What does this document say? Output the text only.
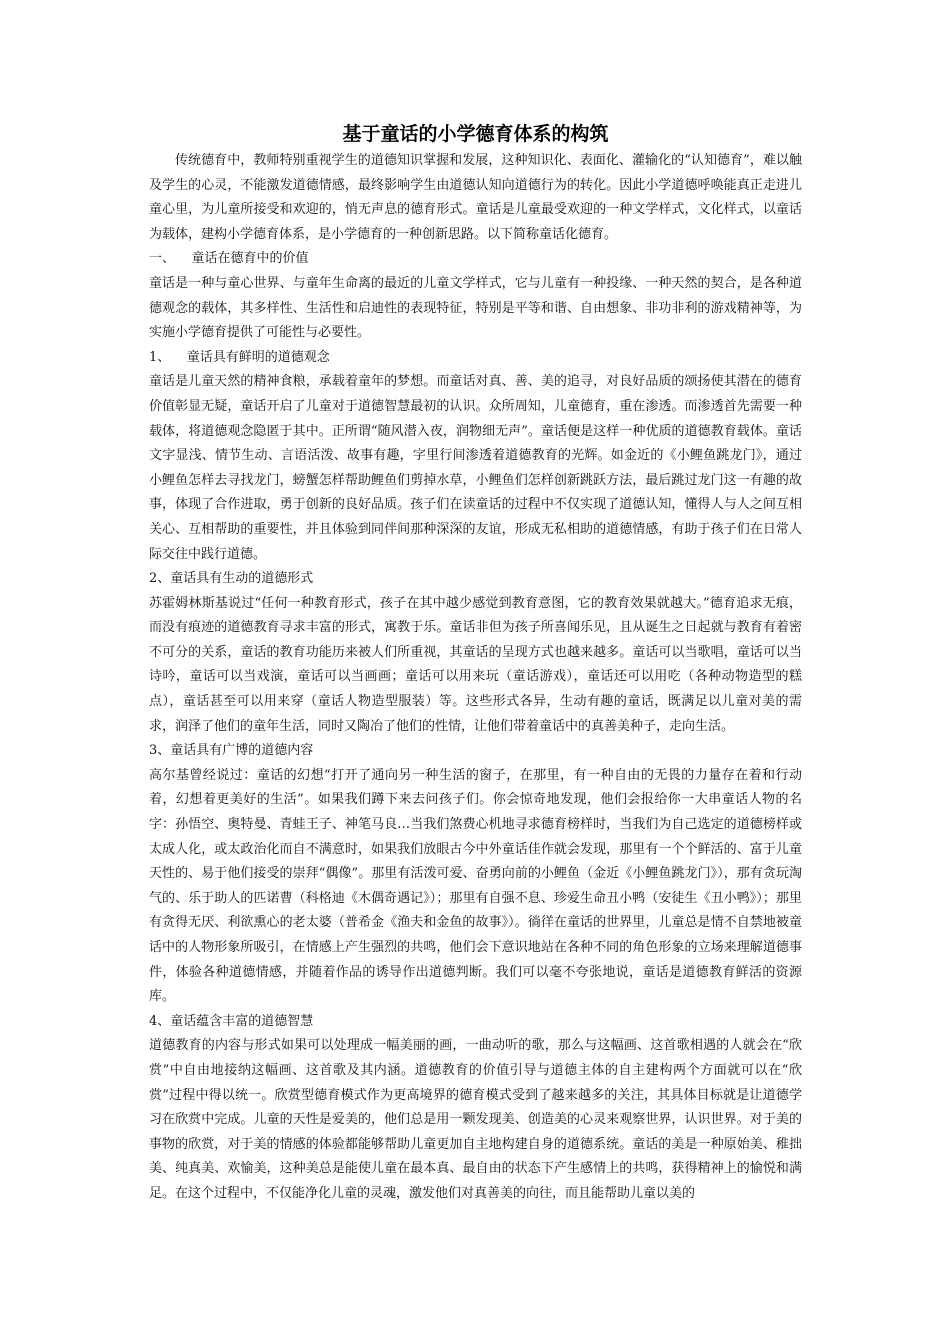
基于童话的小学德育体系的构筑

传统德育中，教师特别重视学生的道德知识掌握和发展，这种知识化、表面化、灌输化的“认知德育”，难以触及学生的心灵，不能激发道德情感，最终影响学生由道德认知向道德行为的转化。因此小学道德呼唤能真正走进儿童心里，为儿童所接受和欢迎的，悄无声息的德育形式。童话是儿童最受欢迎的一种文学样式，文化样式，以童话为载体，建构小学德育体系，是小学德育的一种创新思路。以下简称童话化德育。

一、    童话在德育中的价值

童话是一种与童心世界、与童年生命离的最近的儿童文学样式，它与儿童有一种投缘、一种天然的契合，是各种道德观念的载体，其多样性、生活性和启迪性的表现特征，特别是平等和谐、自由想象、非功非利的游戏精神等，为实施小学德育提供了可能性与必要性。

1、    童话具有鲜明的道德观念

童话是儿童天然的精神食粮，承载着童年的梦想。而童话对真、善、美的追寻，对良好品质的颂扬使其潜在的德育价值彰显无疑，童话开启了儿童对于道德智慧最初的认识。众所周知，儿童德育，重在渗透。而渗透首先需要一种载体，将道德观念隐匿于其中。正所谓“随风潜入夜，润物细无声”。童话便是这样一种优质的道德教育载体。童话文字显浅、情节生动、言语活泼、故事有趣，字里行间渗透着道德教育的光辉。如金近的《小鲤鱼跳龙门》，通过小鲤鱼怎样去寻找龙门，螃蟹怎样帮助鲤鱼们剪掉水草，小鲤鱼们怎样创新跳跃方法，最后跳过龙门这一有趣的故事，体现了合作进取，勇于创新的良好品质。孩子们在读童话的过程中不仅实现了道德认知，懂得人与人之间互相关心、互相帮助的重要性，并且体验到同伴间那种深深的友谊，形成无私相助的道德情感，有助于孩子们在日常人际交往中践行道德。

2、童话具有生动的道德形式

苏霍姆林斯基说过“任何一种教育形式，孩子在其中越少感觉到教育意图，它的教育效果就越大。”德育追求无痕，而没有痕迹的道德教育寻求丰富的形式，寓教于乐。童话非但为孩子所喜闻乐见，且从诞生之日起就与教育有着密不可分的关系，童话的教育功能历来被人们所重视，其童话的呈现方式也越来越多。童话可以当歌唱，童话可以当诗吟，童话可以当戏演，童话可以当画画；童话可以用来玩（童话游戏），童话还可以用吃（各种动物造型的糕点），童话甚至可以用来穿（童话人物造型服装）等。这些形式各异，生动有趣的童话，既满足以儿童对美的需求，润泽了他们的童年生活，同时又陶冶了他们的性情，让他们带着童话中的真善美种子，走向生活。

3、童话具有广博的道德内容

高尔基曾经说过：童话的幻想“打开了通向另一种生活的窗子，在那里，有一种自由的无畏的力量存在着和行动着，幻想着更美好的生活”。如果我们蹲下来去问孩子们。你会惊奇地发现，他们会报给你一大串童话人物的名字：孙悟空、奥特曼、青蛙王子、神笔马良…当我们煞费心机地寻求德育榜样时，当我们为自己选定的道德榜样或太成人化，或太政治化而自不满意时，如果我们放眼古今中外童话佳作就会发现，那里有一个个鲜活的、富于儿童天性的、易于他们接受的崇拜“偶像”。那里有活泼可爱、奋勇向前的小鲤鱼（金近《小鲤鱼跳龙门》），那有贪玩淘气的、乐于助人的匹诺曹（科格迪《木偶奇遇记》）；那里有自强不息、珍爱生命丑小鸭（安徒生《丑小鸭》）；那里有贪得无厌、利欲熏心的老太婆（普希金《渔夫和金鱼的故事》）。徜徉在童话的世界里，儿童总是情不自禁地被童话中的人物形象所吸引，在情感上产生强烈的共鸣，他们会下意识地站在各种不同的角色形象的立场来理解道德事件，体验各种道德情感，并随着作品的诱导作出道德判断。我们可以毫不夸张地说，童话是道德教育鲜活的资源库。

4、童话蕴含丰富的道德智慧

道德教育的内容与形式如果可以处理成一幅美丽的画，一曲动听的歌，那么与这幅画、这首歌相遇的人就会在“欣赏”中自由地接纳这幅画、这首歌及其内涵。道德教育的价值引导与道德主体的自主建构两个方面就可以在“欣赏”过程中得以统一。欣赏型德育模式作为更高境界的德育模式受到了越来越多的关注，其具体目标就是让道德学习在欣赏中完成。儿童的天性是爱美的，他们总是用一颗发现美、创造美的心灵来观察世界，认识世界。对于美的事物的欣赏，对于美的情感的体验都能够帮助儿童更加自主地构建自身的道德系统。童话的美是一种原始美、稚拙美、纯真美、欢愉美，这种美总是能使儿童在最本真、最自由的状态下产生感情上的共鸣，获得精神上的愉悦和满足。在这个过程中，不仅能净化儿童的灵魂，激发他们对真善美的向往，而且能帮助儿童以美的
